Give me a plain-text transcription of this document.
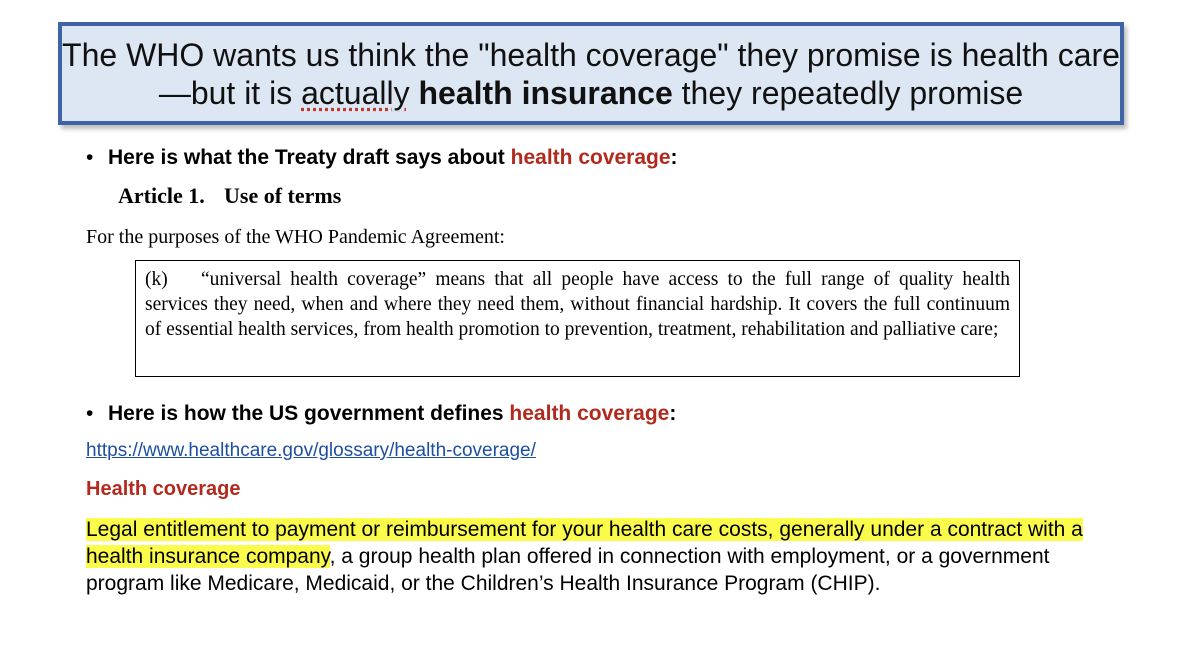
The WHO wants us think the "health coverage" they promise is health care—but it is actually health insurance they repeatedly promise
• Here is what the Treaty draft says about health coverage:
Article 1. Use of terms
For the purposes of the WHO Pandemic Agreement:
(k) “universal health coverage” means that all people have access to the full range of quality health services they need, when and where they need them, without financial hardship. It covers the full continuum of essential health services, from health promotion to prevention, treatment, rehabilitation and palliative care;
• Here is how the US government defines health coverage:
https://www.healthcare.gov/glossary/health-coverage/
Health coverage
Legal entitlement to payment or reimbursement for your health care costs, generally under a contract with a health insurance company, a group health plan offered in connection with employment, or a government program like Medicare, Medicaid, or the Children’s Health Insurance Program (CHIP).
